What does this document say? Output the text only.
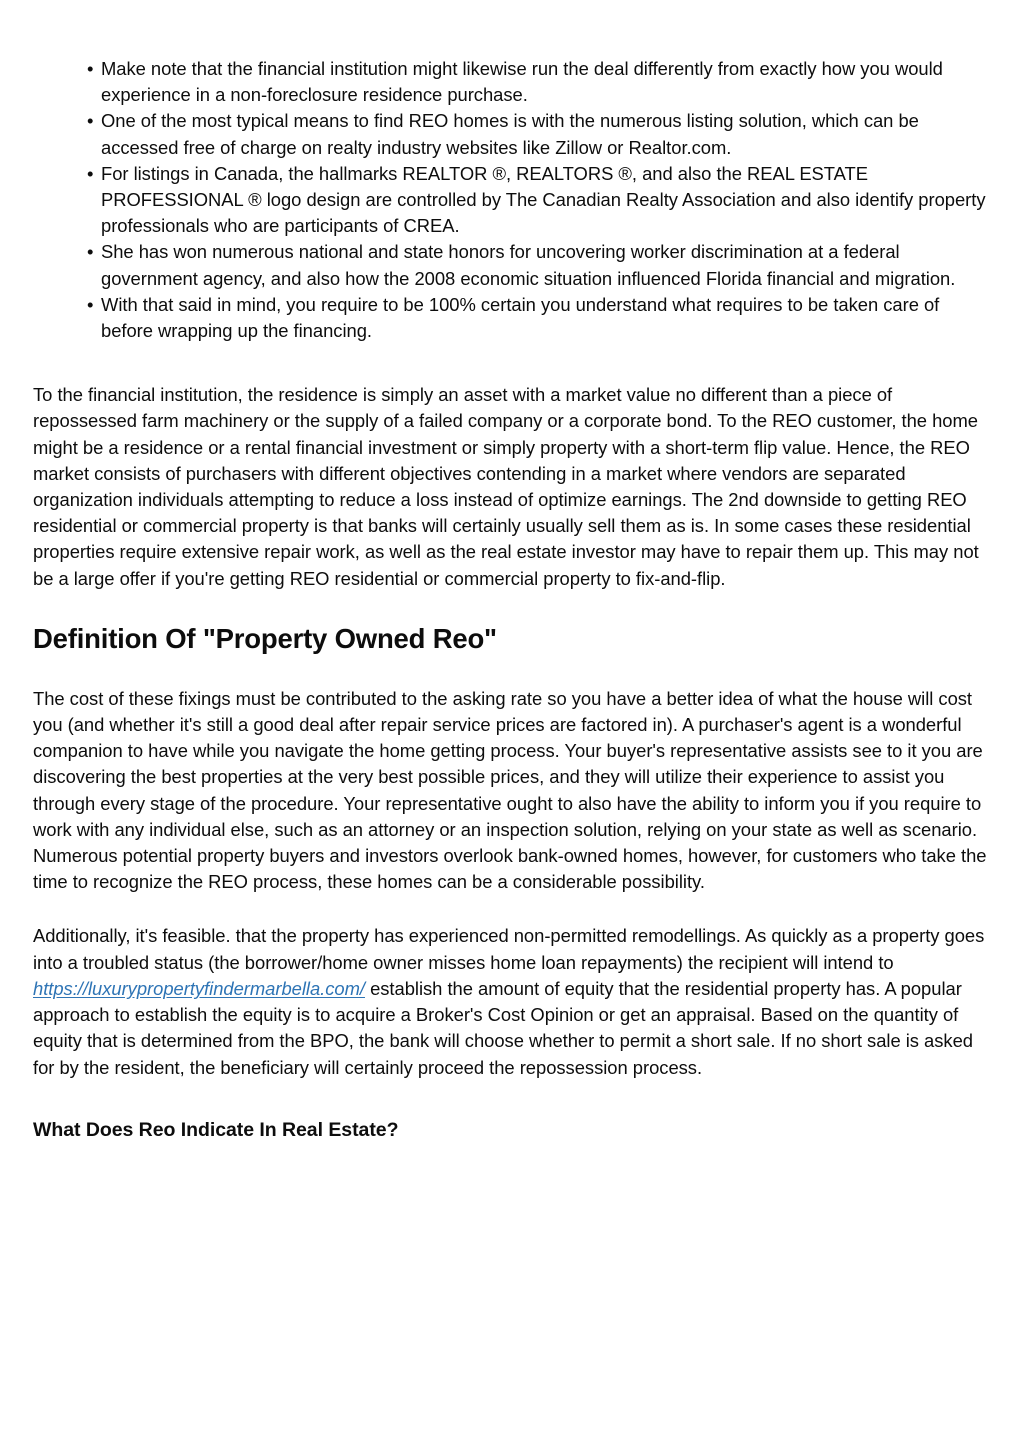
• Make note that the financial institution might likewise run the deal differently from exactly how you would experience in a non-foreclosure residence purchase.
• One of the most typical means to find REO homes is with the numerous listing solution, which can be accessed free of charge on realty industry websites like Zillow or Realtor.com.
• For listings in Canada, the hallmarks REALTOR ®, REALTORS ®, and also the REAL ESTATE PROFESSIONAL ® logo design are controlled by The Canadian Realty Association and also identify property professionals who are participants of CREA.
• She has won numerous national and state honors for uncovering worker discrimination at a federal government agency, and also how the 2008 economic situation influenced Florida financial and migration.
• With that said in mind, you require to be 100% certain you understand what requires to be taken care of before wrapping up the financing.

To the financial institution, the residence is simply an asset with a market value no different than a piece of repossessed farm machinery or the supply of a failed company or a corporate bond. To the REO customer, the home might be a residence or a rental financial investment or simply property with a short-term flip value. Hence, the REO market consists of purchasers with different objectives contending in a market where vendors are separated organization individuals attempting to reduce a loss instead of optimize earnings. The 2nd downside to getting REO residential or commercial property is that banks will certainly usually sell them as is. In some cases these residential properties require extensive repair work, as well as the real estate investor may have to repair them up. This may not be a large offer if you're getting REO residential or commercial property to fix-and-flip.

Definition Of "Property Owned Reo"

The cost of these fixings must be contributed to the asking rate so you have a better idea of what the house will cost you (and whether it's still a good deal after repair service prices are factored in). A purchaser's agent is a wonderful companion to have while you navigate the home getting process. Your buyer's representative assists see to it you are discovering the best properties at the very best possible prices, and they will utilize their experience to assist you through every stage of the procedure. Your representative ought to also have the ability to inform you if you require to work with any individual else, such as an attorney or an inspection solution, relying on your state as well as scenario. Numerous potential property buyers and investors overlook bank-owned homes, however, for customers who take the time to recognize the REO process, these homes can be a considerable possibility.

Additionally, it's feasible. that the property has experienced non-permitted remodellings. As quickly as a property goes into a troubled status (the borrower/home owner misses home loan repayments) the recipient will intend to https://luxurypropertyfindermarbella.com/ establish the amount of equity that the residential property has. A popular approach to establish the equity is to acquire a Broker's Cost Opinion or get an appraisal. Based on the quantity of equity that is determined from the BPO, the bank will choose whether to permit a short sale. If no short sale is asked for by the resident, the beneficiary will certainly proceed the repossession process.

What Does Reo Indicate In Real Estate?
